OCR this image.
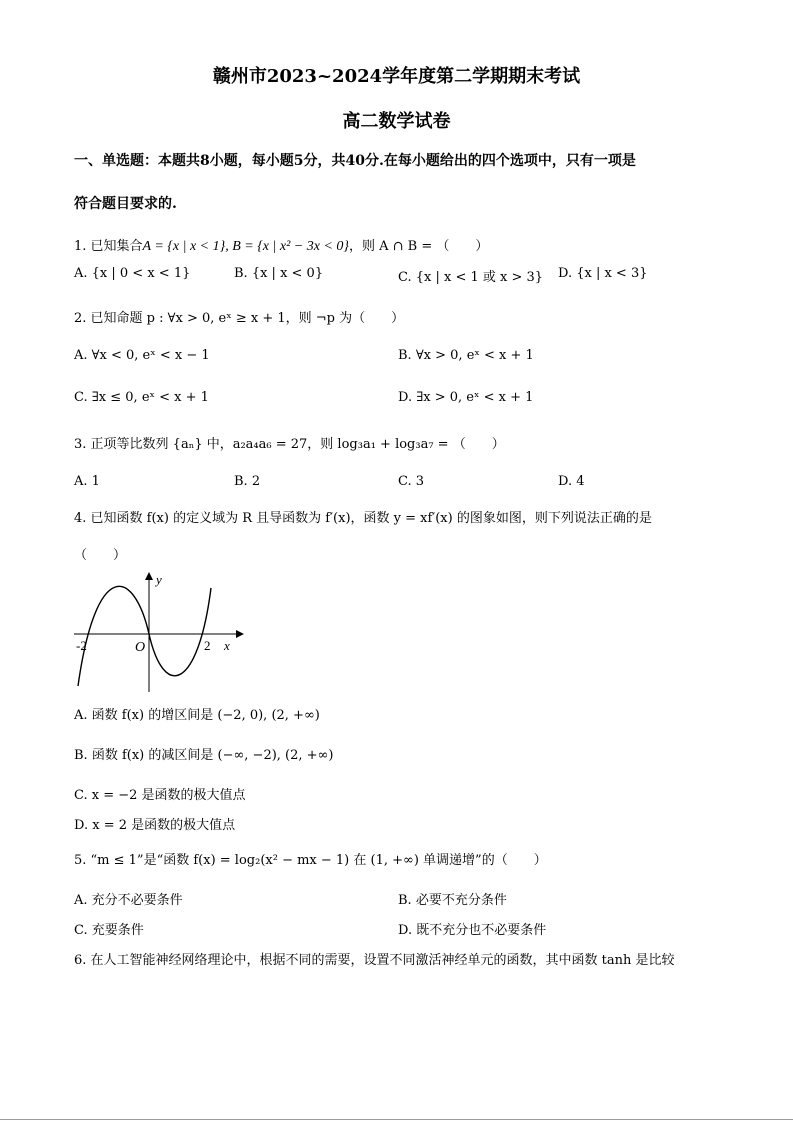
赣州市2023~2024学年度第二学期期末考试
高二数学试卷
一、单选题：本题共8小题，每小题5分，共40分.在每小题给出的四个选项中，只有一项是
符合题目要求的.
1. 已知集合A = {x | x < 1}, B = {x | x² − 3x < 0}，则 A ∩ B = （　　）
A. {x | 0 < x < 1}	B. {x | x < 0}	C. {x | x < 1 或 x > 3} D. {x | x < 3}
2. 已知命题 p : ∀x > 0, eˣ ≥ x + 1，则 ¬p 为（　　）
A. ∀x < 0, eˣ < x − 1	B. ∀x > 0, eˣ < x + 1
C. ∃x ≤ 0, eˣ < x + 1	D. ∃x > 0, eˣ < x + 1
3. 正项等比数列 {aₙ} 中，a₂a₄a₆ = 27，则 log₃a₁ + log₃a₇ = （　　）
A. 1	B. 2	C. 3	D. 4
4. 已知函数 f(x) 的定义域为 R 且导函数为 f′(x)，函数 y = xf′(x) 的图象如图，则下列说法正确的是
（　　）
y
x
O
-2	2
A. 函数 f(x) 的增区间是 (−2, 0), (2, +∞)
B. 函数 f(x) 的减区间是 (−∞, −2), (2, +∞)
C. x = −2 是函数的极大值点
D. x = 2 是函数的极大值点
5. “m ≤ 1”是“函数 f(x) = log₂(x² − mx − 1) 在 (1, +∞) 单调递增”的（　　）
A. 充分不必要条件	B. 必要不充分条件
C. 充要条件	D. 既不充分也不必要条件
6. 在人工智能神经网络理论中，根据不同的需要，设置不同激活神经单元的函数，其中函数 tanh 是比较
